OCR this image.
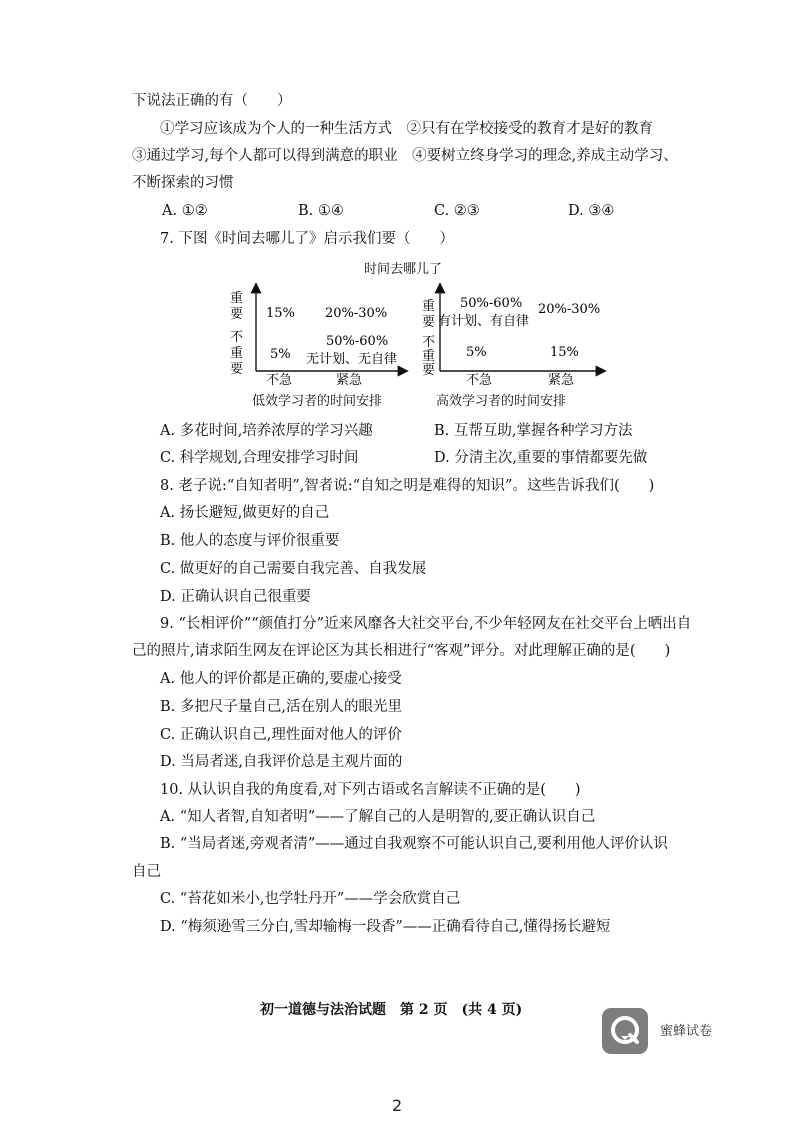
下说法正确的有（　　）
①学习应该成为个人的一种生活方式　②只有在学校接受的教育才是好的教育
③通过学习,每个人都可以得到满意的职业　④要树立终身学习的理念,养成主动学习、
不断探索的习惯
A. ①②	B. ①④	C. ②③	D. ③④
7. 下图《时间去哪儿了》启示我们要（　　）
时间去哪儿了
重
要
不
重
要
不急	紧急
15% 20%-30%
5%
50%-60%
无计划、无自律
重
要
不
重
要
不急	紧急
50%-60%
有计划、有自律
20%-30%
5%	15%
低效学习者的时间安排	高效学习者的时间安排
A. 多花时间,培养浓厚的学习兴趣	B. 互帮互助,掌握各种学习方法
C. 科学规划,合理安排学习时间	D. 分清主次,重要的事情都要先做
8. 老子说:“自知者明”,智者说:“自知之明是难得的知识”。这些告诉我们(　　)
A. 扬长避短,做更好的自己
B. 他人的态度与评价很重要
C. 做更好的自己需要自我完善、自我发展
D. 正确认识自己很重要
9. “长相评价”“颜值打分”近来风靡各大社交平台,不少年轻网友在社交平台上晒出自
己的照片,请求陌生网友在评论区为其长相进行“客观”评分。对此理解正确的是(　　)
A. 他人的评价都是正确的,要虚心接受
B. 多把尺子量自己,活在别人的眼光里
C. 正确认识自己,理性面对他人的评价
D. 当局者迷,自我评价总是主观片面的
10. 从认识自我的角度看,对下列古语或名言解读不正确的是(　　)
A. “知人者智,自知者明”——了解自己的人是明智的,要正确认识自己
B. “当局者迷,旁观者清”——通过自我观察不可能认识自己,要利用他人评价认识
自己
C. “苔花如米小,也学牡丹开”——学会欣赏自己
D. “梅须逊雪三分白,雪却输梅一段香”——正确看待自己,懂得扬长避短
初一道德与法治试题　第 2 页　(共 4 页)
蜜蜂试卷
2
